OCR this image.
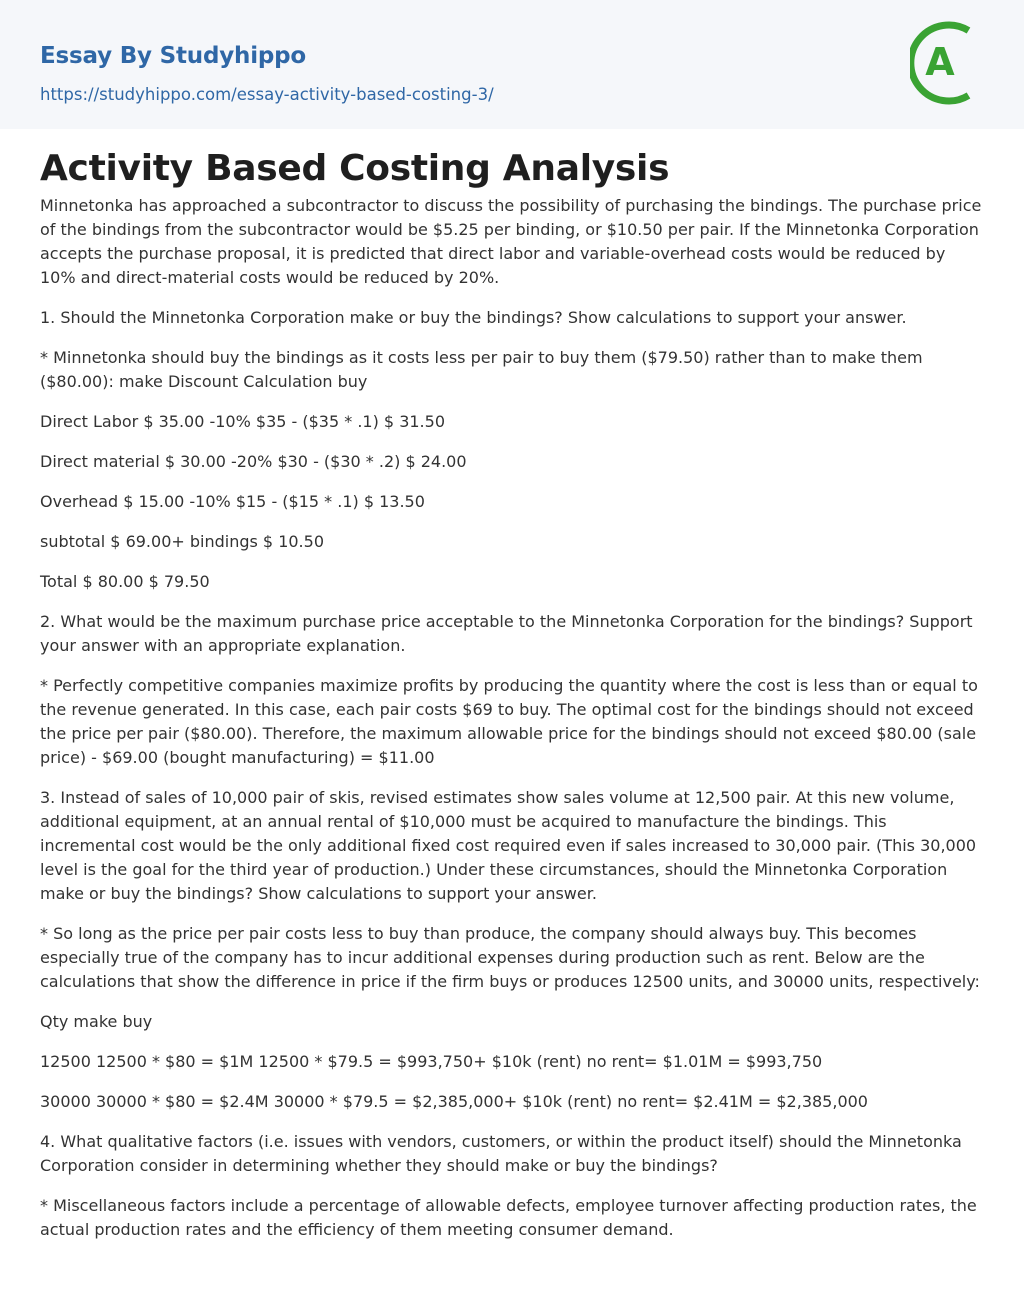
Essay By Studyhippo
https://studyhippo.com/essay-activity-based-costing-3/
A
Activity Based Costing Analysis

Minnetonka has approached a subcontractor to discuss the possibility of purchasing the bindings. The purchase price of the bindings from the subcontractor would be $5.25 per binding, or $10.50 per pair. If the Minnetonka Corporation accepts the purchase proposal, it is predicted that direct labor and variable-overhead costs would be reduced by 10% and direct-material costs would be reduced by 20%.

1. Should the Minnetonka Corporation make or buy the bindings? Show calculations to support your answer.

* Minnetonka should buy the bindings as it costs less per pair to buy them ($79.50) rather than to make them ($80.00): make Discount Calculation buy

Direct Labor $ 35.00 -10% $35 - ($35 * .1) $ 31.50

Direct material $ 30.00 -20% $30 - ($30 * .2) $ 24.00

Overhead $ 15.00 -10% $15 - ($15 * .1) $ 13.50

subtotal $ 69.00+ bindings $ 10.50

Total $ 80.00 $ 79.50

2. What would be the maximum purchase price acceptable to the Minnetonka Corporation for the bindings? Support your answer with an appropriate explanation.

* Perfectly competitive companies maximize profits by producing the quantity where the cost is less than or equal to the revenue generated. In this case, each pair costs $69 to buy. The optimal cost for the bindings should not exceed the price per pair ($80.00). Therefore, the maximum allowable price for the bindings should not exceed $80.00 (sale price) - $69.00 (bought manufacturing) = $11.00

3. Instead of sales of 10,000 pair of skis, revised estimates show sales volume at 12,500 pair. At this new volume, additional equipment, at an annual rental of $10,000 must be acquired to manufacture the bindings. This incremental cost would be the only additional fixed cost required even if sales increased to 30,000 pair. (This 30,000 level is the goal for the third year of production.) Under these circumstances, should the Minnetonka Corporation make or buy the bindings? Show calculations to support your answer.

* So long as the price per pair costs less to buy than produce, the company should always buy. This becomes especially true of the company has to incur additional expenses during production such as rent. Below are the calculations that show the difference in price if the firm buys or produces 12500 units, and 30000 units, respectively:

Qty make buy

12500 12500 * $80 = $1M 12500 * $79.5 = $993,750+ $10k (rent) no rent= $1.01M = $993,750

30000 30000 * $80 = $2.4M 30000 * $79.5 = $2,385,000+ $10k (rent) no rent= $2.41M = $2,385,000

4. What qualitative factors (i.e. issues with vendors, customers, or within the product itself) should the Minnetonka Corporation consider in determining whether they should make or buy the bindings?

* Miscellaneous factors include a percentage of allowable defects, employee turnover affecting production rates, the actual production rates and the efficiency of them meeting consumer demand.
